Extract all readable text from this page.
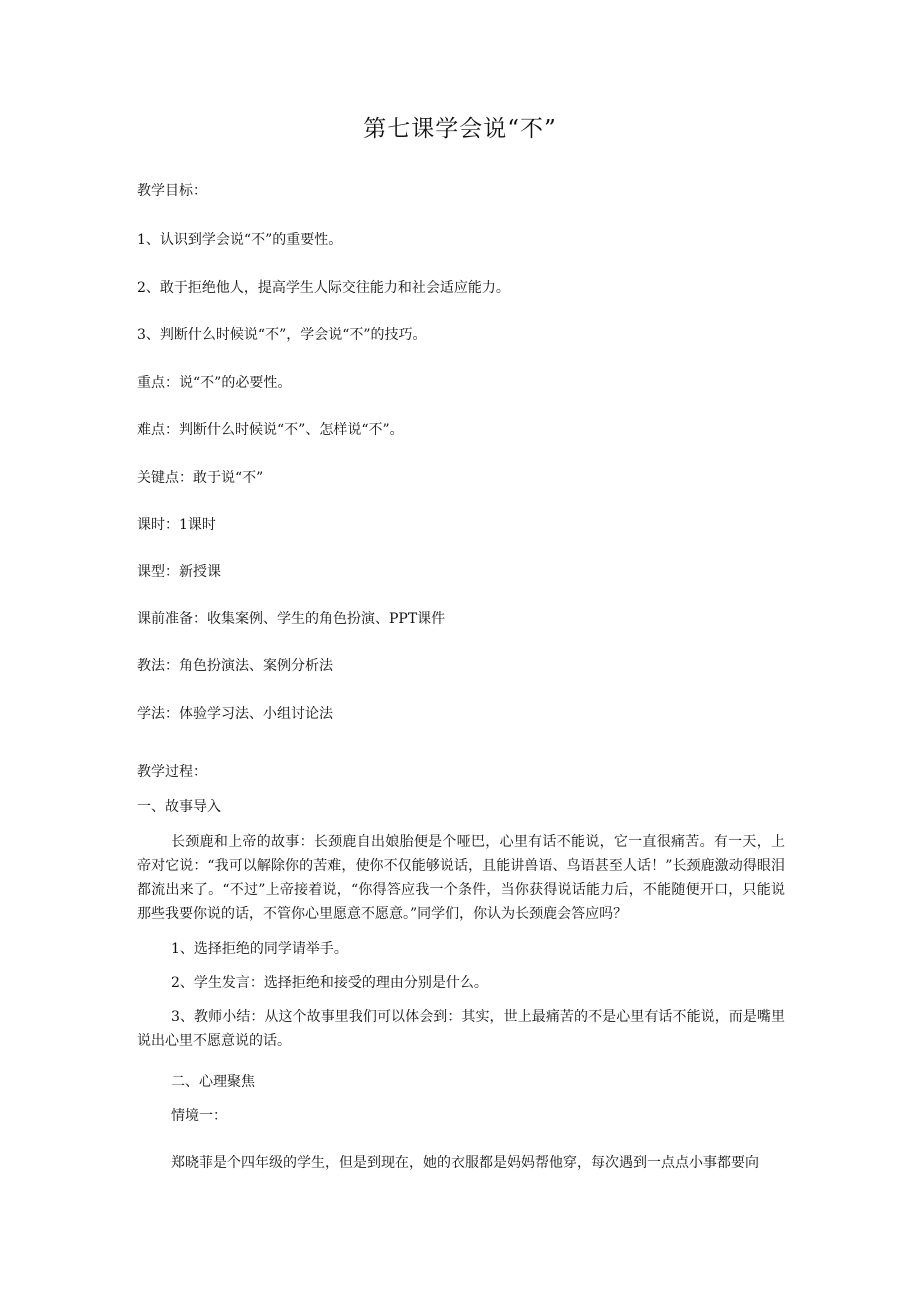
第七课学会说“不”
教学目标：
1、认识到学会说“不”的重要性。
2、敢于拒绝他人，提高学生人际交往能力和社会适应能力。
3、判断什么时候说“不”，学会说“不”的技巧。
重点：说“不”的必要性。
难点：判断什么时候说“不”、怎样说“不”。
关键点：敢于说“不”
课时：1课时
课型：新授课
课前准备：收集案例、学生的角色扮演、PPT课件
教法：角色扮演法、案例分析法
学法：体验学习法、小组讨论法
教学过程：
一、故事导入
长颈鹿和上帝的故事：长颈鹿自出娘胎便是个哑巴，心里有话不能说，它一直很痛苦。有一天，上帝对它说：“我可以解除你的苦难，使你不仅能够说话，且能讲兽语、鸟语甚至人话！”长颈鹿激动得眼泪都流出来了。“不过”上帝接着说，“你得答应我一个条件，当你获得说话能力后，不能随便开口，只能说那些我要你说的话，不管你心里愿意不愿意。”同学们，你认为长颈鹿会答应吗？
1、选择拒绝的同学请举手。
2、学生发言：选择拒绝和接受的理由分别是什么。
3、教师小结：从这个故事里我们可以体会到：其实，世上最痛苦的不是心里有话不能说，而是嘴里说出心里不愿意说的话。
二、心理聚焦
情境一：
郑晓菲是个四年级的学生，但是到现在，她的衣服都是妈妈帮他穿，每次遇到一点点小事都要向
